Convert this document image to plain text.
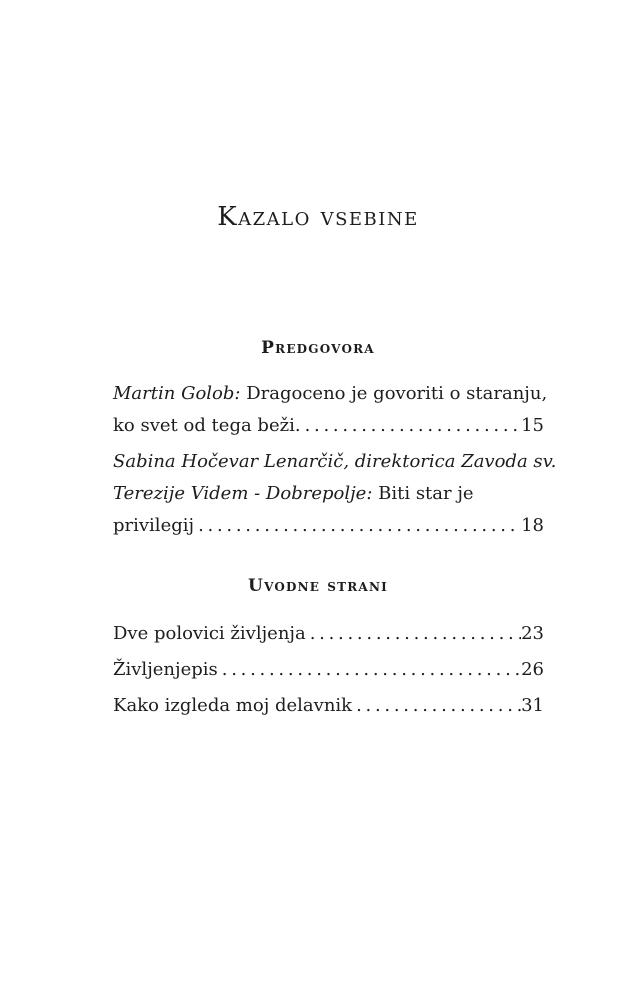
Kazalo vsebine
Predgovora
Martin Golob:
Dragoceno je govoriti o staranju,
ko svet od tega beži. . . .	15
Sabina Hočevar Lenarčič, direktorica Zavoda sv.
Terezije Videm - Dobrepolje:
Biti star je
privilegij . . .	18
Uvodne strani
Dve polovici življenja . . .	23
Življenjepis . . .	26
Kako izgleda moj delavnik . . .	31
